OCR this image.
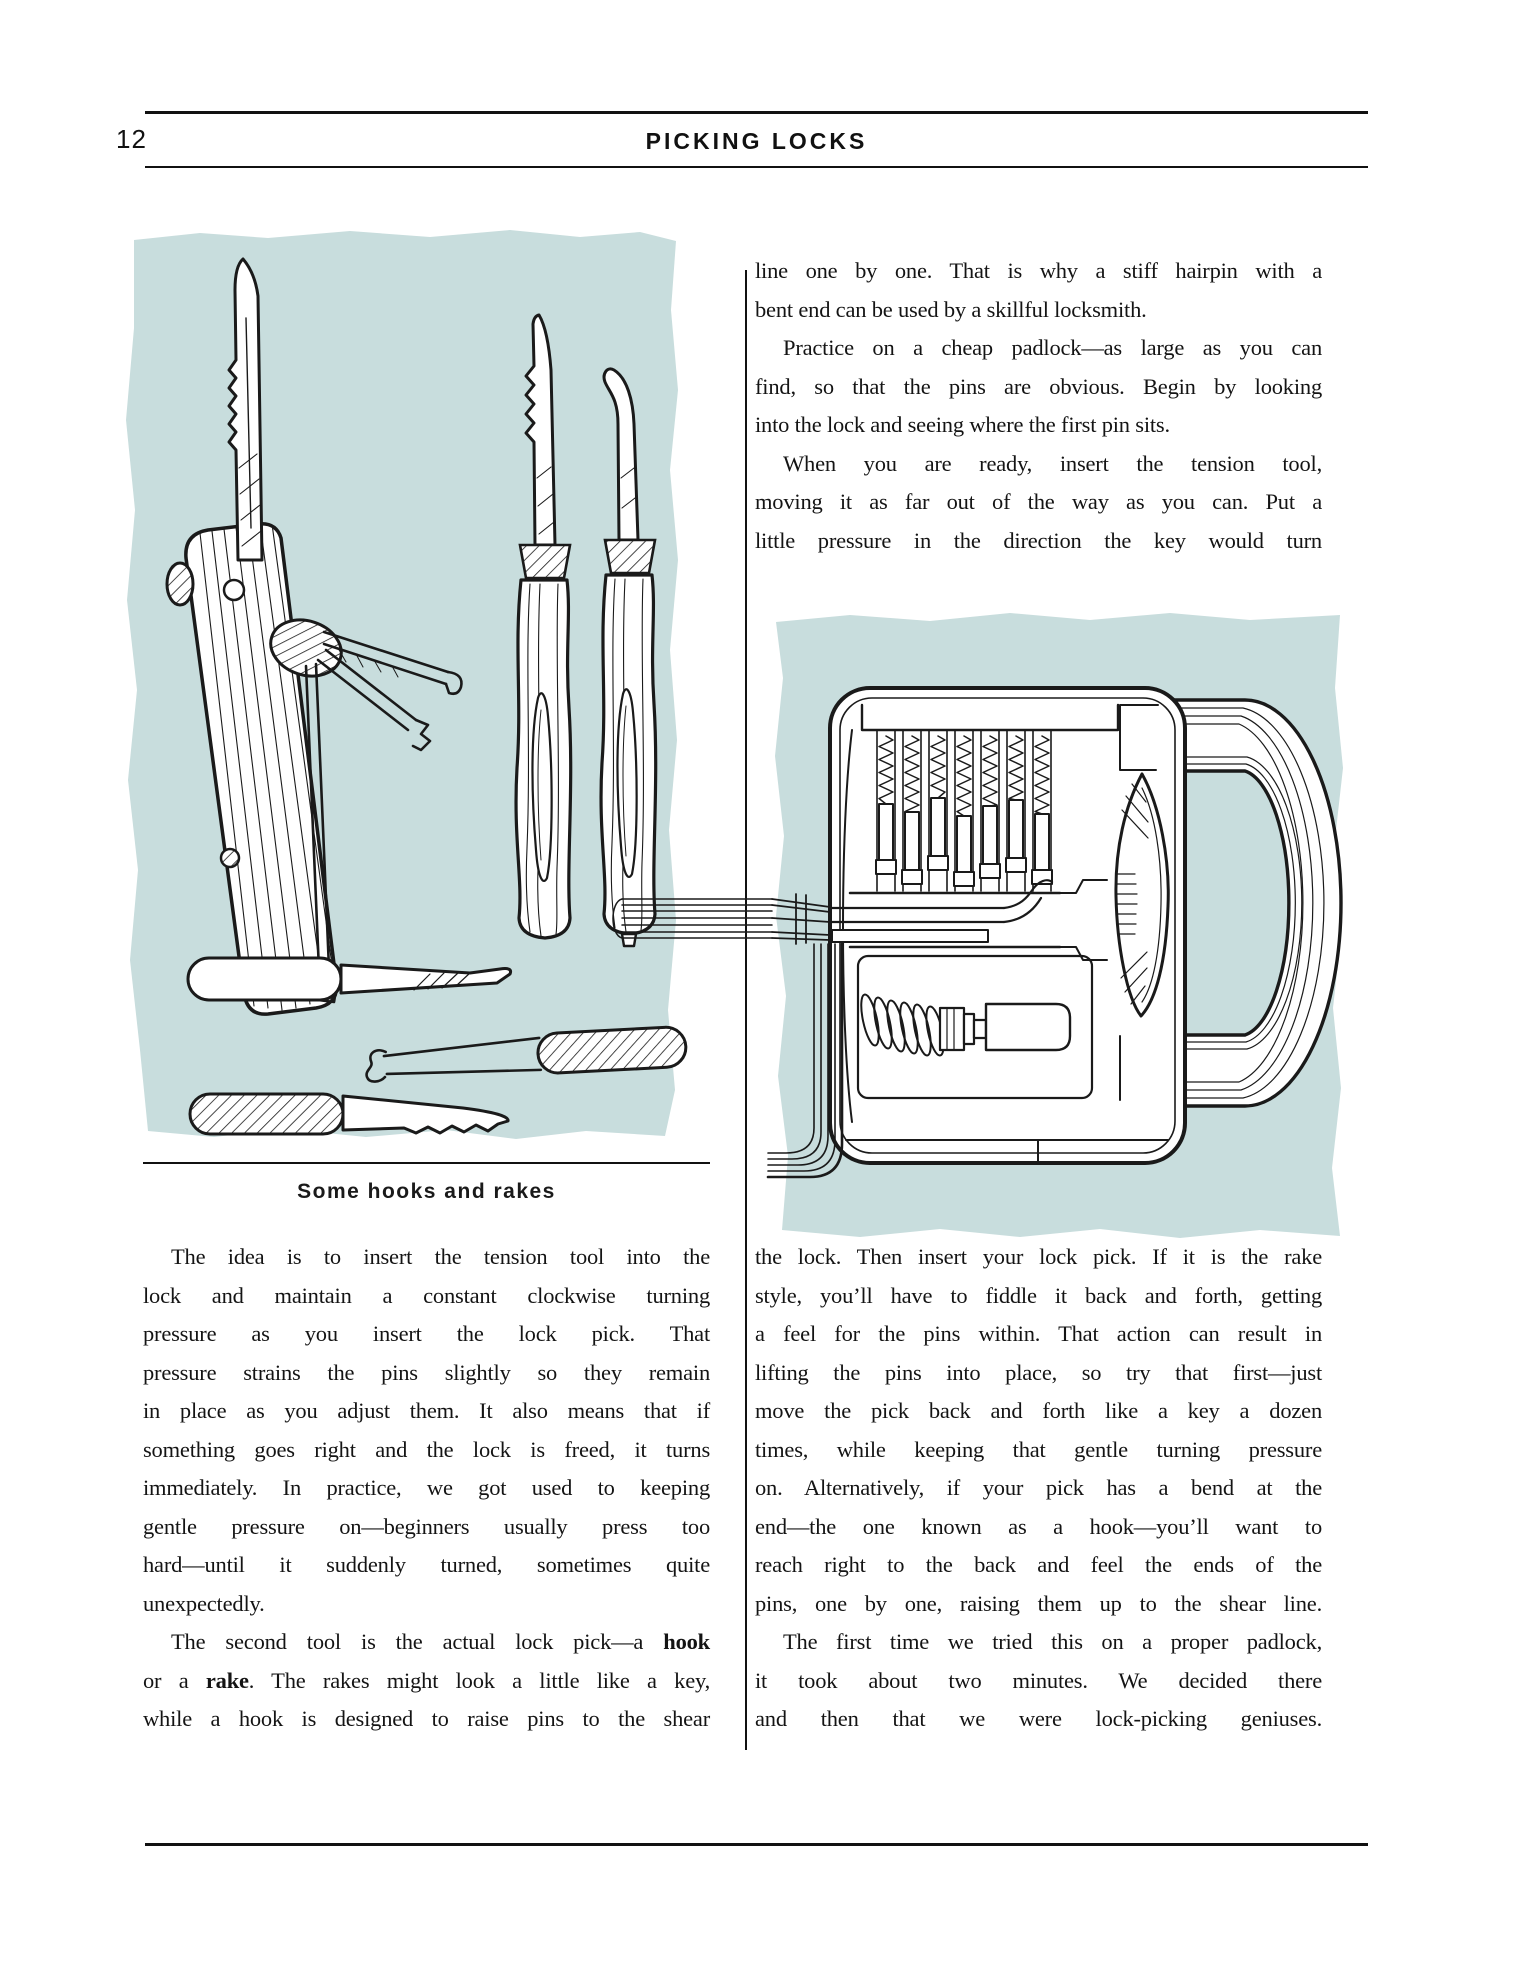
12	PICKING LOCKS
Some hooks and rakes
line one by one. That is why a stiff hairpin with a
bent end can be used by a skillful locksmith.
Practice on a cheap padlock—as large as you can
find, so that the pins are obvious. Begin by looking
into the lock and seeing where the first pin sits.
When you are ready, insert the tension tool,
moving it as far out of the way as you can. Put a
little pressure in the direction the key would turn
The idea is to insert the tension tool into the
lock and maintain a constant clockwise turning
pressure as you insert the lock pick. That
pressure strains the pins slightly so they remain
in place as you adjust them. It also means that if
something goes right and the lock is freed, it turns
immediately. In practice, we got used to keeping
gentle pressure on—beginners usually press too
hard—until it suddenly turned, sometimes quite
unexpectedly.
The second tool is the actual lock pick—a hook
or a rake. The rakes might look a little like a key,
while a hook is designed to raise pins to the shear
the lock. Then insert your lock pick. If it is the rake
style, you’ll have to fiddle it back and forth, getting
a feel for the pins within. That action can result in
lifting the pins into place, so try that first—just
move the pick back and forth like a key a dozen
times, while keeping that gentle turning pressure
on. Alternatively, if your pick has a bend at the
end—the one known as a hook—you’ll want to
reach right to the back and feel the ends of the
pins, one by one, raising them up to the shear line.
The first time we tried this on a proper padlock,
it took about two minutes. We decided there
and then that we were lock-picking geniuses.
